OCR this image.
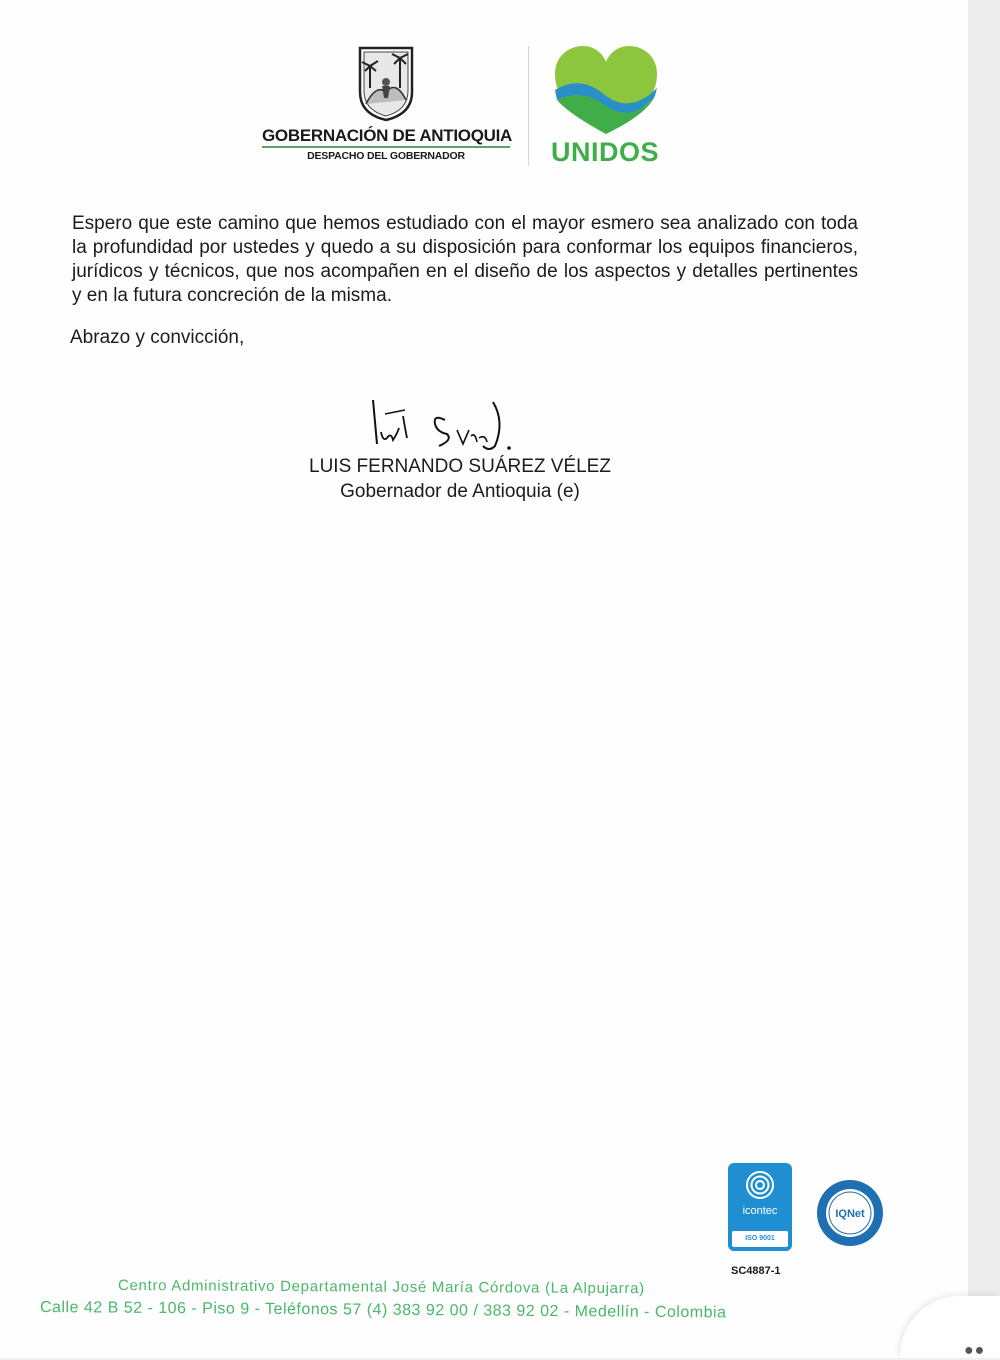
GOBERNACIÓN DE ANTIOQUIA
DESPACHO DEL GOBERNADOR	UNIDOS

Espero que este camino que hemos estudiado con el mayor esmero sea analizado con toda la profundidad por ustedes y quedo a su disposición para conformar los equipos financieros, jurídicos y técnicos, que nos acompañen en el diseño de los aspectos y detalles pertinentes y en la futura concreción de la misma.

Abrazo y convicción,
LUIS FERNANDO SUÁREZ VÉLEZ
Gobernador de Antioquia (e)
icontec
ISO 9001
IQNet
SC4887-1
Centro Administrativo Departamental José María Córdova (La Alpujarra)
Calle 42 B 52 - 106 - Piso 9 - Teléfonos 57 (4) 383 92 00 / 383 92 02 - Medellín - Colombia
●●
